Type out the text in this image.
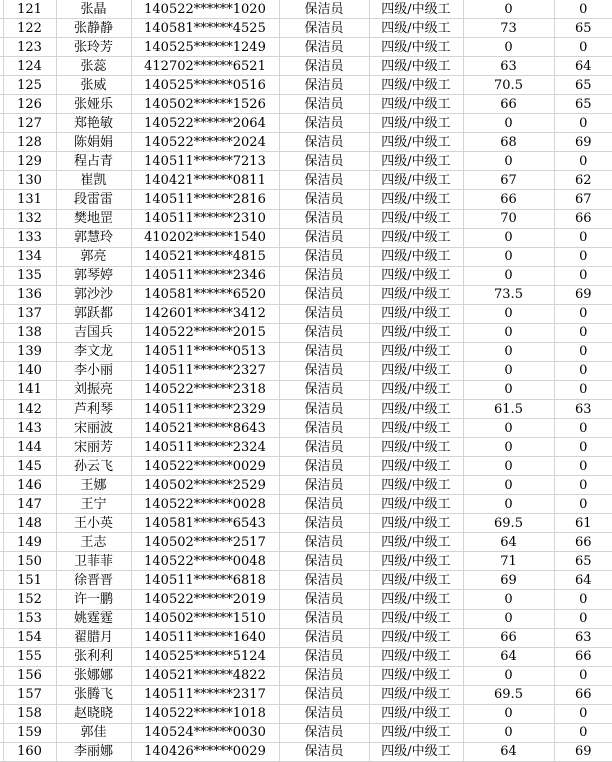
	121	张晶	140522******1020	保洁员	四级/中级工	0	0
	122	张静静	140581******4525	保洁员	四级/中级工	73	65
	123	张玲芳	140525******1249	保洁员	四级/中级工	0	0
	124	张蕊	412702******6521	保洁员	四级/中级工	63	64
	125	张威	140525******0516	保洁员	四级/中级工	70.5	65
	126	张娅乐	140502******1526	保洁员	四级/中级工	66	65
	127	郑艳敏	140522******2064	保洁员	四级/中级工	0	0
	128	陈娟娟	140522******2024	保洁员	四级/中级工	68	69
	129	程占青	140511******7213	保洁员	四级/中级工	0	0
	130	崔凯	140421******0811	保洁员	四级/中级工	67	62
	131	段雷雷	140511******2816	保洁员	四级/中级工	66	67
	132	樊地罡	140511******2310	保洁员	四级/中级工	70	66
	133	郭慧玲	410202******1540	保洁员	四级/中级工	0	0
	134	郭亮	140521******4815	保洁员	四级/中级工	0	0
	135	郭琴婷	140511******2346	保洁员	四级/中级工	0	0
	136	郭沙沙	140581******6520	保洁员	四级/中级工	73.5	69
	137	郭跃都	142601******3412	保洁员	四级/中级工	0	0
	138	吉国兵	140522******2015	保洁员	四级/中级工	0	0
	139	李文龙	140511******0513	保洁员	四级/中级工	0	0
	140	李小丽	140511******2327	保洁员	四级/中级工	0	0
	141	刘振亮	140522******2318	保洁员	四级/中级工	0	0
	142	芦利琴	140511******2329	保洁员	四级/中级工	61.5	63
	143	宋丽波	140521******8643	保洁员	四级/中级工	0	0
	144	宋丽芳	140511******2324	保洁员	四级/中级工	0	0
	145	孙云飞	140522******0029	保洁员	四级/中级工	0	0
	146	王娜	140502******2529	保洁员	四级/中级工	0	0
	147	王宁	140522******0028	保洁员	四级/中级工	0	0
	148	王小英	140581******6543	保洁员	四级/中级工	69.5	61
	149	王志	140502******2517	保洁员	四级/中级工	64	66
	150	卫菲菲	140522******0048	保洁员	四级/中级工	71	65
	151	徐晋晋	140511******6818	保洁员	四级/中级工	69	64
	152	许一鹏	140522******2019	保洁员	四级/中级工	0	0
	153	姚霆霆	140502******1510	保洁员	四级/中级工	0	0
	154	翟腊月	140511******1640	保洁员	四级/中级工	66	63
	155	张利利	140525******5124	保洁员	四级/中级工	64	66
	156	张娜娜	140521******4822	保洁员	四级/中级工	0	0
	157	张腾飞	140511******2317	保洁员	四级/中级工	69.5	66
	158	赵晓晓	140522******1018	保洁员	四级/中级工	0	0
	159	郭佳	140524******0030	保洁员	四级/中级工	0	0
	160	李丽娜	140426******0029	保洁员	四级/中级工	64	69
